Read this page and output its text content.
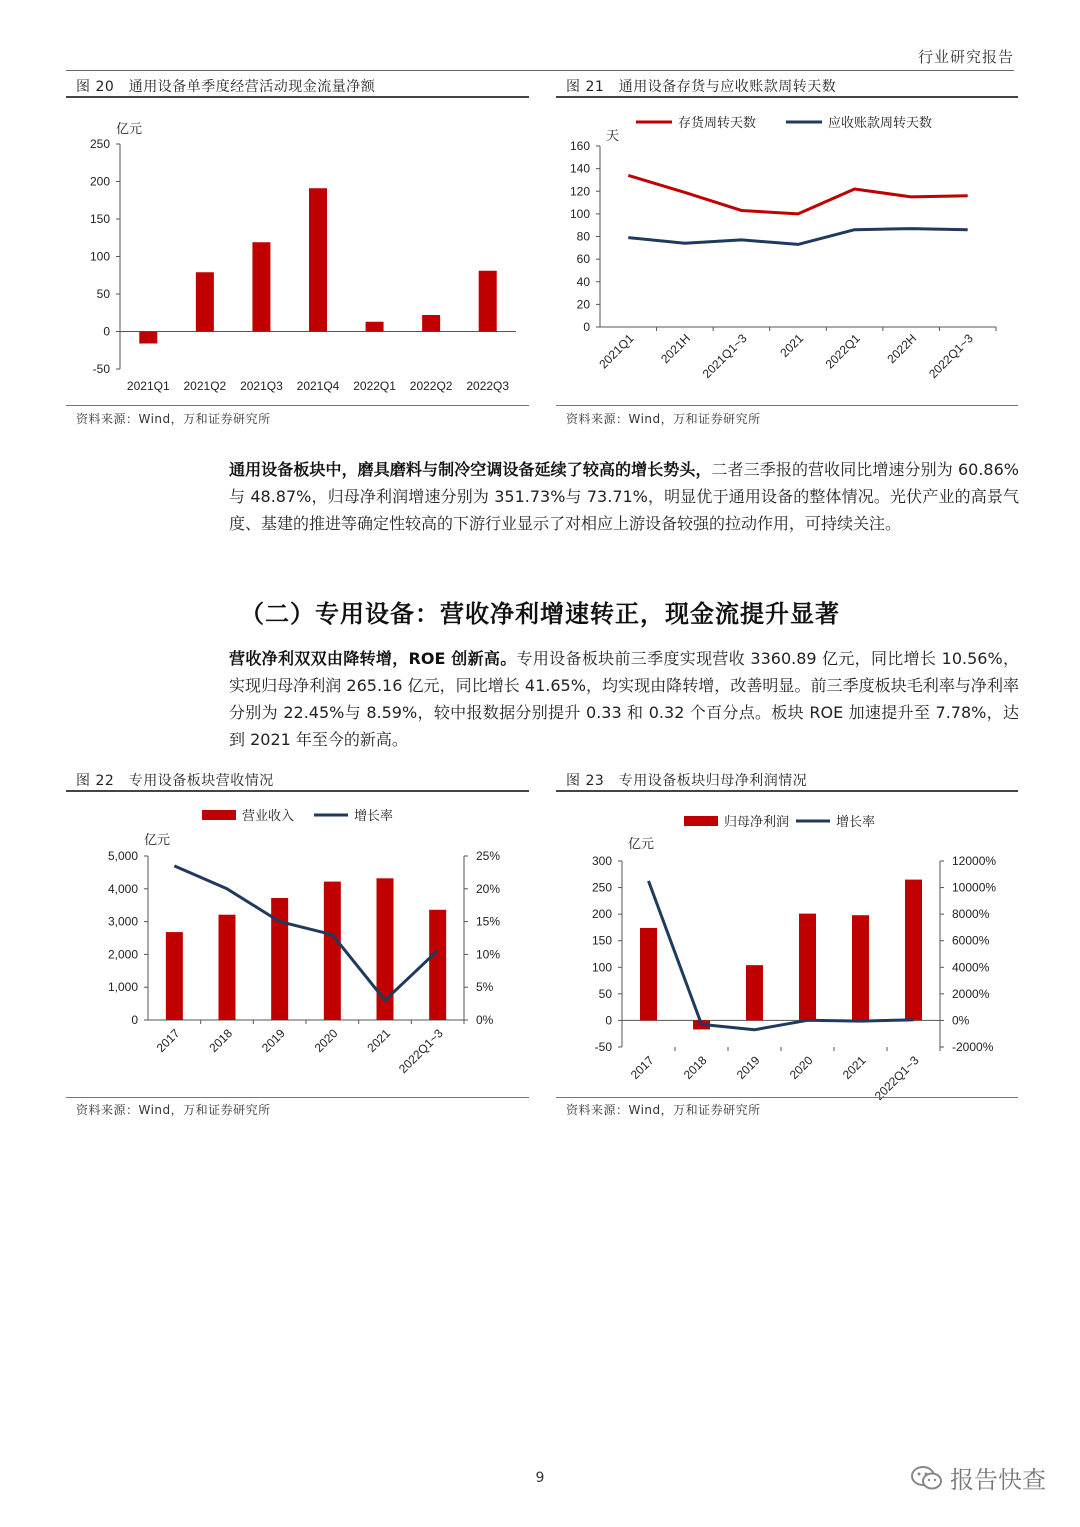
行业研究报告
图 20　通用设备单季度经营活动现金流量净额
亿元
-50
0
50
100
150
200
250
2021Q1 2021Q2 2021Q3 2021Q4 2022Q1 2022Q2 2022Q3
资料来源：Wind，万和证券研究所
图 21　通用设备存货与应收账款周转天数
天
0
20
40
60
80
100
120
140
160
2021Q1 2021H 2021Q1~3 2021 2022Q1 2022H 2022Q1~3
存货周转天数	应收账款周转天数
资料来源：Wind，万和证券研究所
通用设备板块中，磨具磨料与制冷空调设备延续了较高的增长势头，二者三季报的营收同比增速分别为 60.86%与 48.87%，归母净利润增速分别为 351.73%与 73.71%，明显优于通用设备的整体情况。光伏产业的高景气度、基建的推进等确定性较高的下游行业显示了对相应上游设备较强的拉动作用，可持续关注。
（二）专用设备：营收净利增速转正，现金流提升显著
营收净利双双由降转增，ROE 创新高。专用设备板块前三季度实现营收 3360.89 亿元，同比增长 10.56%，实现归母净利润 265.16 亿元，同比增长 41.65%，均实现由降转增，改善明显。前三季度板块毛利率与净利率分别为 22.45%与 8.59%，较中报数据分别提升 0.33 和 0.32 个百分点。板块 ROE 加速提升至 7.78%，达到 2021 年至今的新高。
图 22　专用设备板块营收情况
亿元
0
1,000
2,000
3,000
4,000
5,000
0%
5%
10%
15%
20%
25%
2017 2018 2019 2020 2021 2022Q1~3
营业收入	增长率
资料来源：Wind，万和证券研究所
图 23　专用设备板块归母净利润情况
亿元
-50
0
50
100
150
200
250
300
-2000%
0%
2000%
4000%
6000%
8000%
10000%
12000%
2017 2018 2019 2020 2021 2022Q1~3
归母净利润	增长率
资料来源：Wind，万和证券研究所
9	报告快查
